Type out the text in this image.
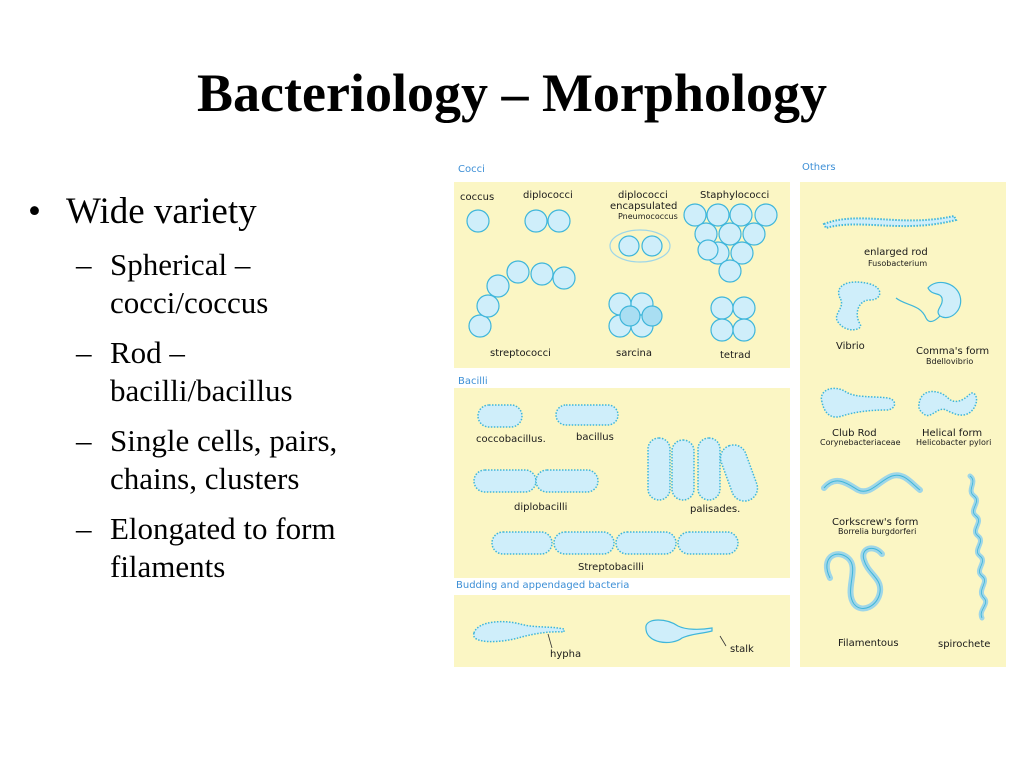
Bacteriology – Morphology
• Wide variety
– Spherical –
cocci/coccus
– Rod –
bacilli/bacillus
– Single cells, pairs,
chains, clusters
– Elongated to form
filaments
Cocci
Bacilli
Budding and appendaged bacteria
Others
coccus	diplococci	diplococci
encapsulated
Pneumococcus
Staphylococci
streptococci	sarcina	tetrad
coccobacillus.	bacillus
diplobacilli	palisades.
Streptobacilli
hypha	stalk
enlarged rod
Fusobacterium
Vibrio	Comma's form
Bdellovibrio
Club Rod
Corynebacteriaceae
Helical form
Helicobacter pylori
Corkscrew's form
Borrelia burgdorferi
Filamentous	spirochete
